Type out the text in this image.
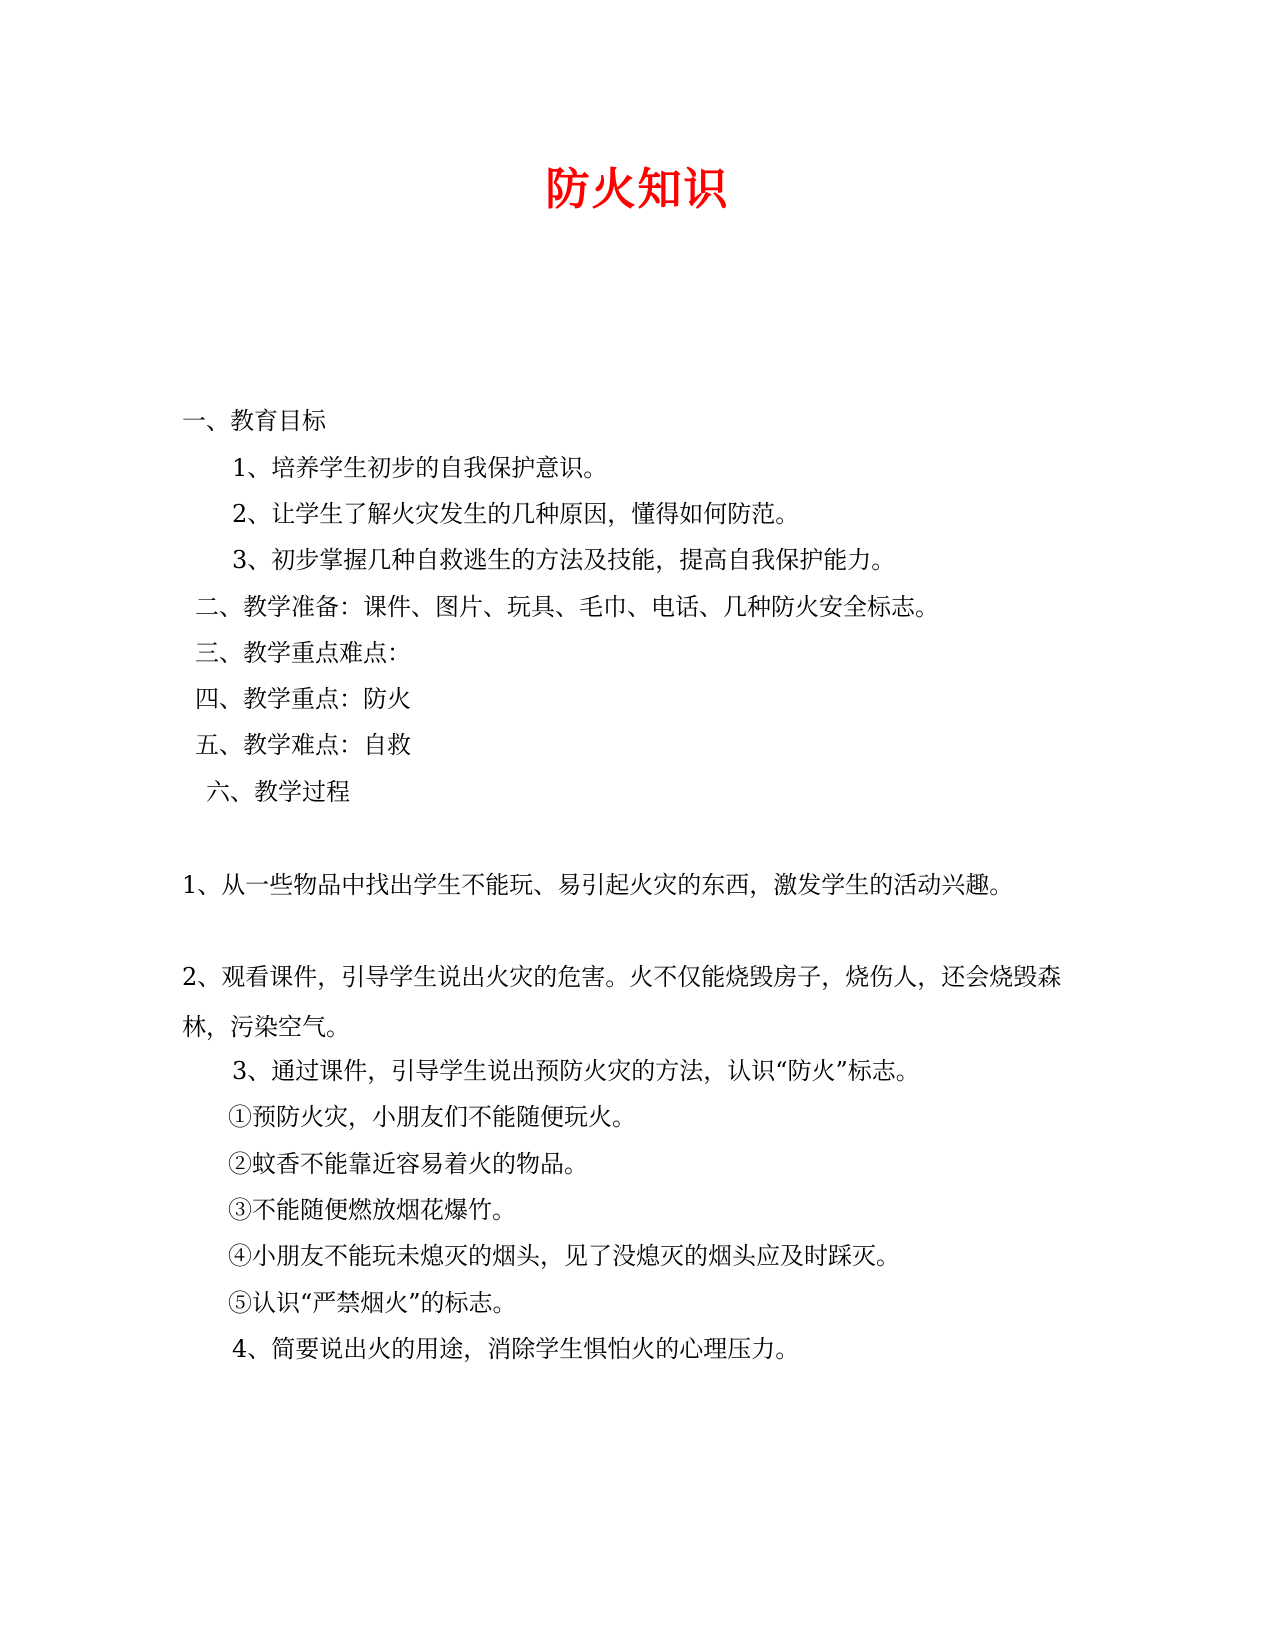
防火知识

一、教育目标

1、培养学生初步的自我保护意识。

2、让学生了解火灾发生的几种原因，懂得如何防范。

3、初步掌握几种自救逃生的方法及技能，提高自我保护能力。

二、教学准备：课件、图片、玩具、毛巾、电话、几种防火安全标志。

三、教学重点难点：

四、教学重点：防火

五、教学难点：自救

六、教学过程

1、从一些物品中找出学生不能玩、易引起火灾的东西，激发学生的活动兴趣。

2、观看课件，引导学生说出火灾的危害。火不仅能烧毁房子，烧伤人，还会烧毁森林，污染空气。

3、通过课件，引导学生说出预防火灾的方法，认识“防火”标志。

①预防火灾，小朋友们不能随便玩火。

②蚊香不能靠近容易着火的物品。

③不能随便燃放烟花爆竹。

④小朋友不能玩未熄灭的烟头，见了没熄灭的烟头应及时踩灭。

⑤认识“严禁烟火”的标志。

4、简要说出火的用途，消除学生惧怕火的心理压力。
